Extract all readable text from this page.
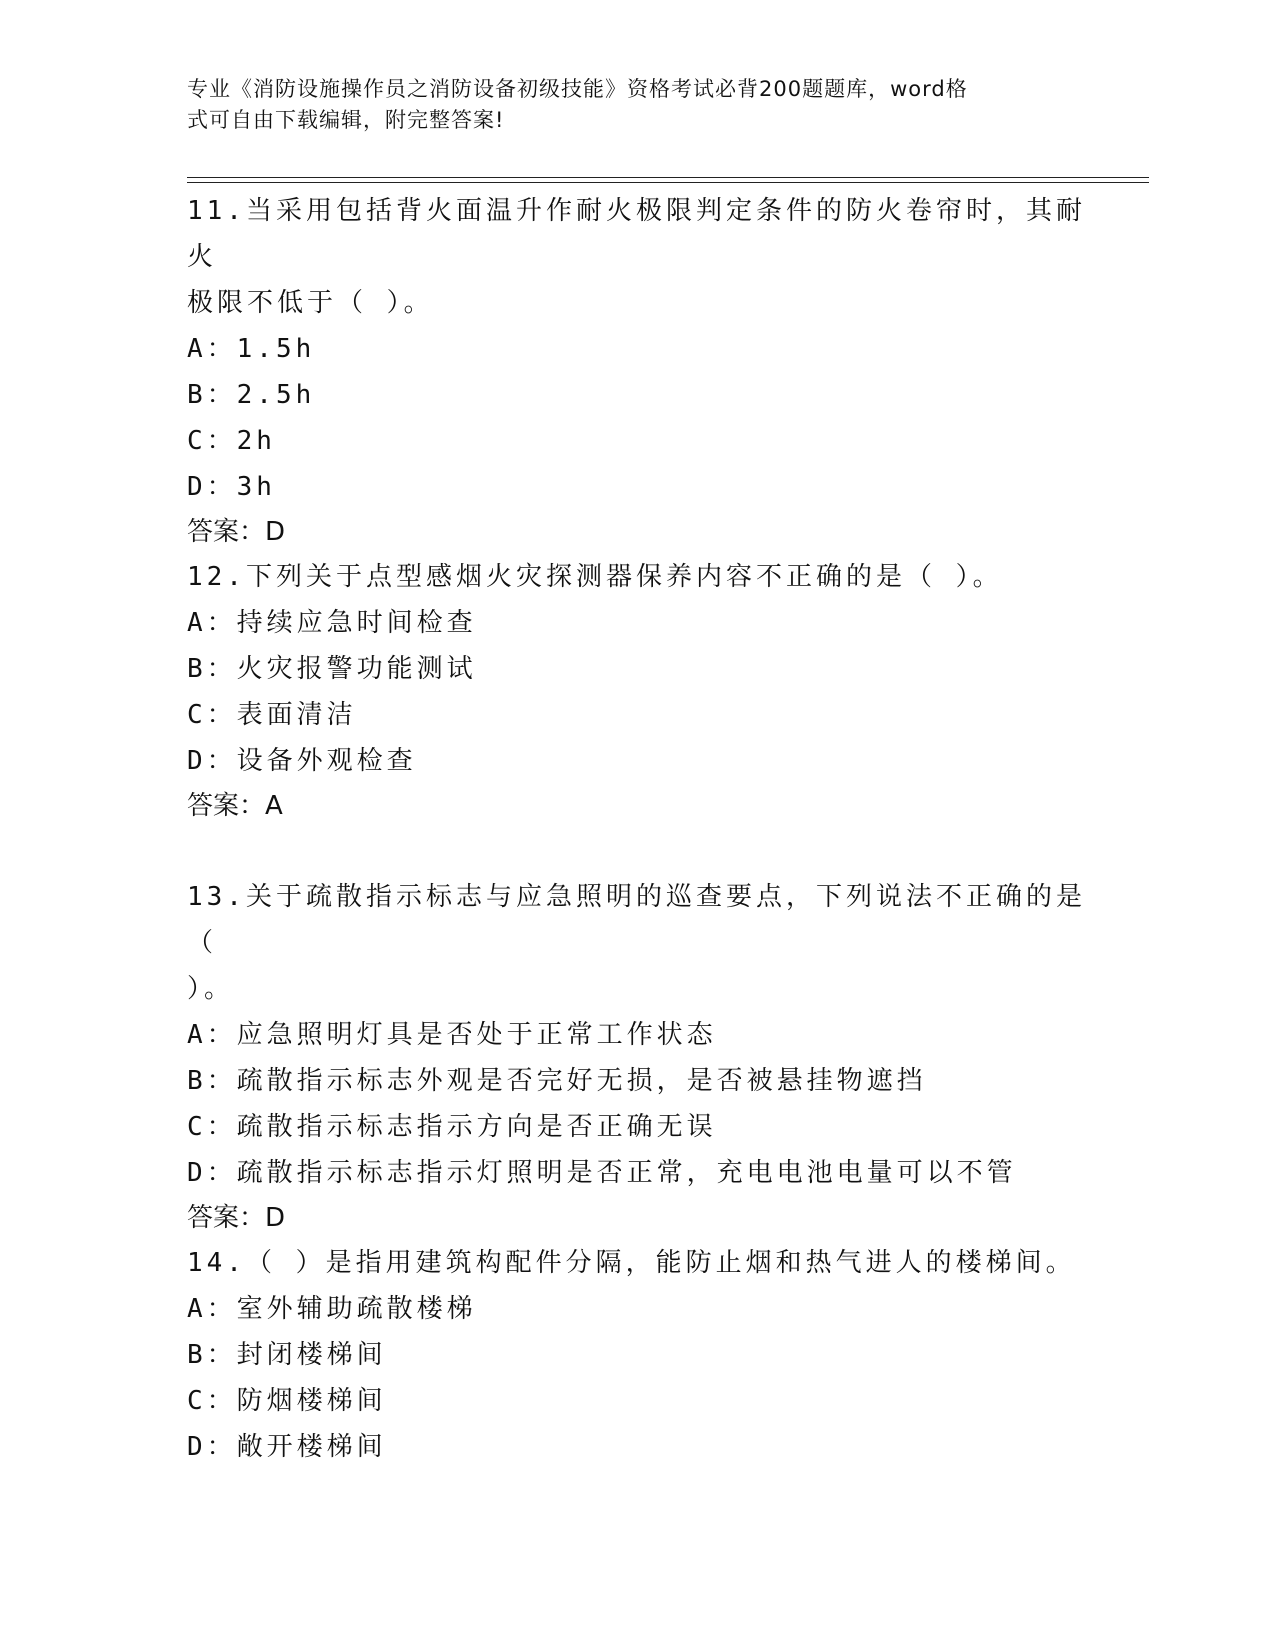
专业《消防设施操作员之消防设备初级技能》资格考试必背200题题库，word格
式可自由下载编辑，附完整答案!
11.当采用包括背火面温升作耐火极限判定条件的防火卷帘时，其耐火
极限不低于（ ）。
A：1.5h
B：2.5h
C：2h
D：3h
答案：D
12.下列关于点型感烟火灾探测器保养内容不正确的是（ ）。
A：持续应急时间检查
B：火灾报警功能测试
C：表面清洁
D：设备外观检查
答案：A
13.关于疏散指示标志与应急照明的巡查要点，下列说法不正确的是（
）。
A：应急照明灯具是否处于正常工作状态
B：疏散指示标志外观是否完好无损，是否被悬挂物遮挡
C：疏散指示标志指示方向是否正确无误
D：疏散指示标志指示灯照明是否正常，充电电池电量可以不管
答案：D
14.（ ）是指用建筑构配件分隔，能防止烟和热气进人的楼梯间。
A：室外辅助疏散楼梯
B：封闭楼梯间
C：防烟楼梯间
D：敞开楼梯间
